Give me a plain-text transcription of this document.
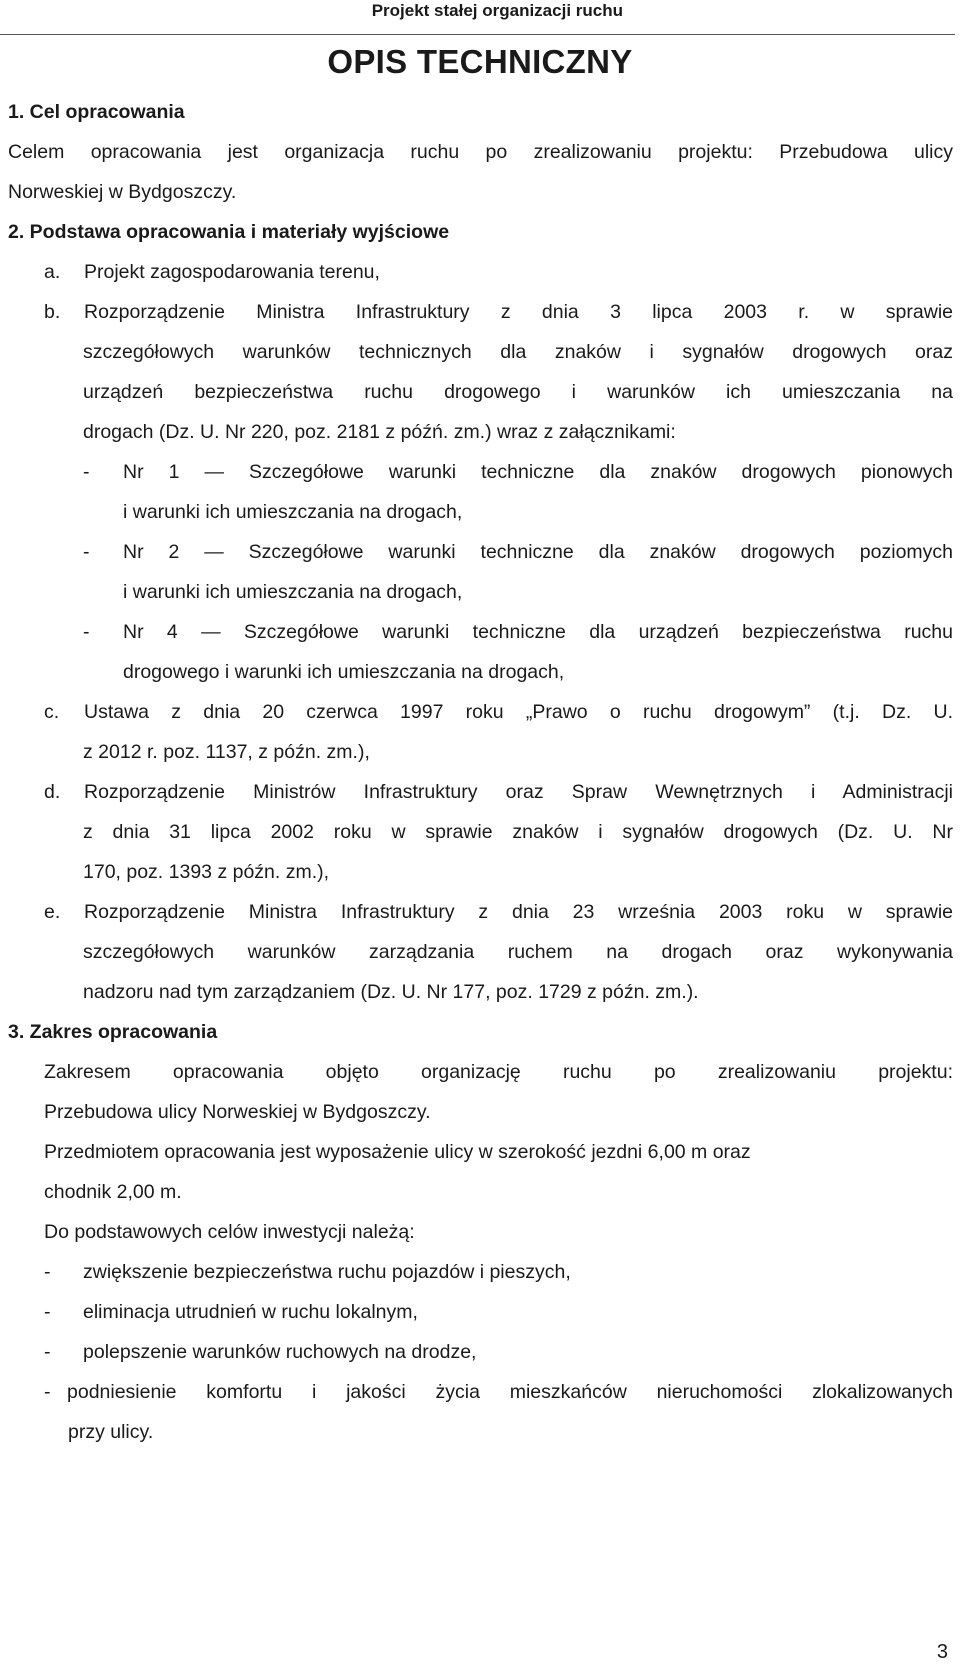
Projekt stałej organizacji ruchu
OPIS TECHNICZNY
1. Cel opracowania
Celem opracowania jest organizacja ruchu po zrealizowaniu projektu: Przebudowa ulicy
Norweskiej w Bydgoszczy.
2. Podstawa opracowania i materiały wyjściowe
a.	Projekt zagospodarowania terenu,
b.	Rozporządzenie Ministra Infrastruktury z dnia 3 lipca 2003 r. w sprawie
szczegółowych warunków technicznych dla znaków i sygnałów drogowych oraz
urządzeń bezpieczeństwa ruchu drogowego i warunków ich umieszczania na
drogach (Dz. U. Nr 220, poz. 2181 z późń. zm.) wraz z załącznikami:
-	Nr 1 — Szczegółowe warunki techniczne dla znaków drogowych pionowych
i warunki ich umieszczania na drogach,
-	Nr 2 — Szczegółowe warunki techniczne dla znaków drogowych poziomych
i warunki ich umieszczania na drogach,
-	Nr 4 — Szczegółowe warunki techniczne dla urządzeń bezpieczeństwa ruchu
drogowego i warunki ich umieszczania na drogach,
c.	Ustawa z dnia 20 czerwca 1997 roku „Prawo o ruchu drogowym” (t.j. Dz. U.
z 2012 r. poz. 1137, z późn. zm.),
d.	Rozporządzenie Ministrów Infrastruktury oraz Spraw Wewnętrznych i Administracji
z dnia 31 lipca 2002 roku w sprawie znaków i sygnałów drogowych (Dz. U. Nr
170, poz. 1393 z późn. zm.),
e.	Rozporządzenie Ministra Infrastruktury z dnia 23 września 2003 roku w sprawie
szczegółowych warunków zarządzania ruchem na drogach oraz wykonywania
nadzoru nad tym zarządzaniem (Dz. U. Nr 177, poz. 1729 z późn. zm.).
3. Zakres opracowania
Zakresem opracowania objęto organizację ruchu po zrealizowaniu projektu:
Przebudowa ulicy Norweskiej w Bydgoszczy.
Przedmiotem opracowania jest wyposażenie ulicy w szerokość jezdni 6,00 m oraz
chodnik 2,00 m.
Do podstawowych celów inwestycji należą:
-	zwiększenie bezpieczeństwa ruchu pojazdów i pieszych,
-	eliminacja utrudnień w ruchu lokalnym,
-	polepszenie warunków ruchowych na drodze,
- podniesienie komfortu i jakości życia mieszkańców nieruchomości zlokalizowanych
przy ulicy.
3
